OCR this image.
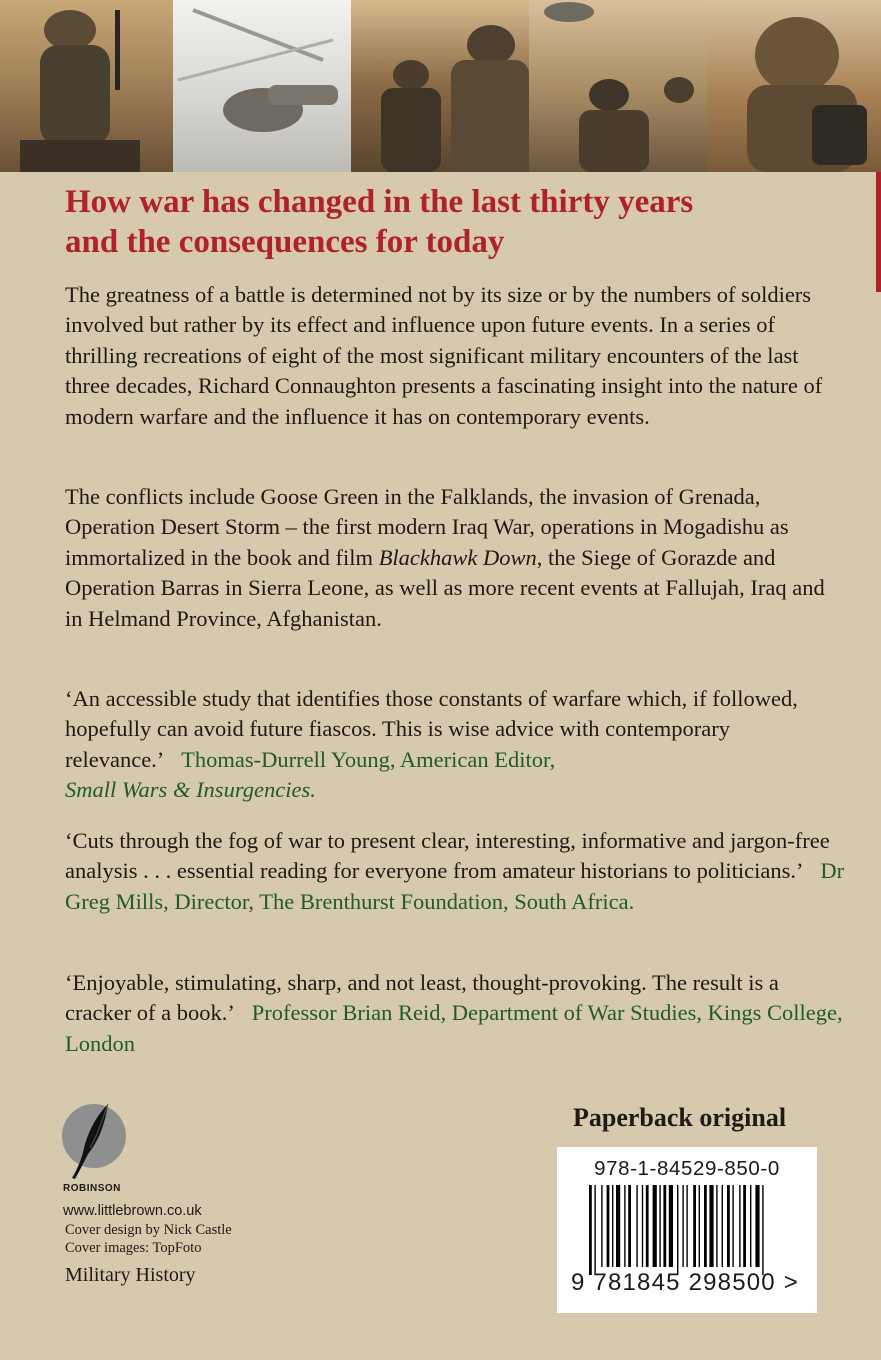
How war has changed in the last thirty years
and the consequences for today

The greatness of a battle is determined not by its size or by the numbers of soldiers involved but rather by its effect and influence upon future events. In a series of thrilling recreations of eight of the most significant military encounters of the last three decades, Richard Connaughton presents a fascinating insight into the nature of modern warfare and the influence it has on contemporary events.

The conflicts include Goose Green in the Falklands, the invasion of Grenada, Operation Desert Storm – the first modern Iraq War, operations in Mogadishu as immortalized in the book and film Blackhawk Down, the Siege of Gorazde and Operation Barras in Sierra Leone, as well as more recent events at Fallujah, Iraq and in Helmand Province, Afghanistan.

‘An accessible study that identifies those constants of warfare which, if followed, hopefully can avoid future fiascos. This is wise advice with contemporary relevance.’ Thomas-Durrell Young, American Editor,
Small Wars & Insurgencies.

‘Cuts through the fog of war to present clear, interesting, informative and jargon-free analysis . . . essential reading for everyone from amateur historians to politicians.’ Dr Greg Mills, Director, The Brenthurst Foundation, South Africa.

‘Enjoyable, stimulating, sharp, and not least, thought-provoking. The result is a cracker of a book.’ Professor Brian Reid, Department of War Studies, Kings College, London

ROBINSON
www.littlebrown.co.uk
Cover design by Nick Castle
Cover images: TopFoto
Military History
Paperback original
978-1-84529-850-0
9 781845 298500 >
